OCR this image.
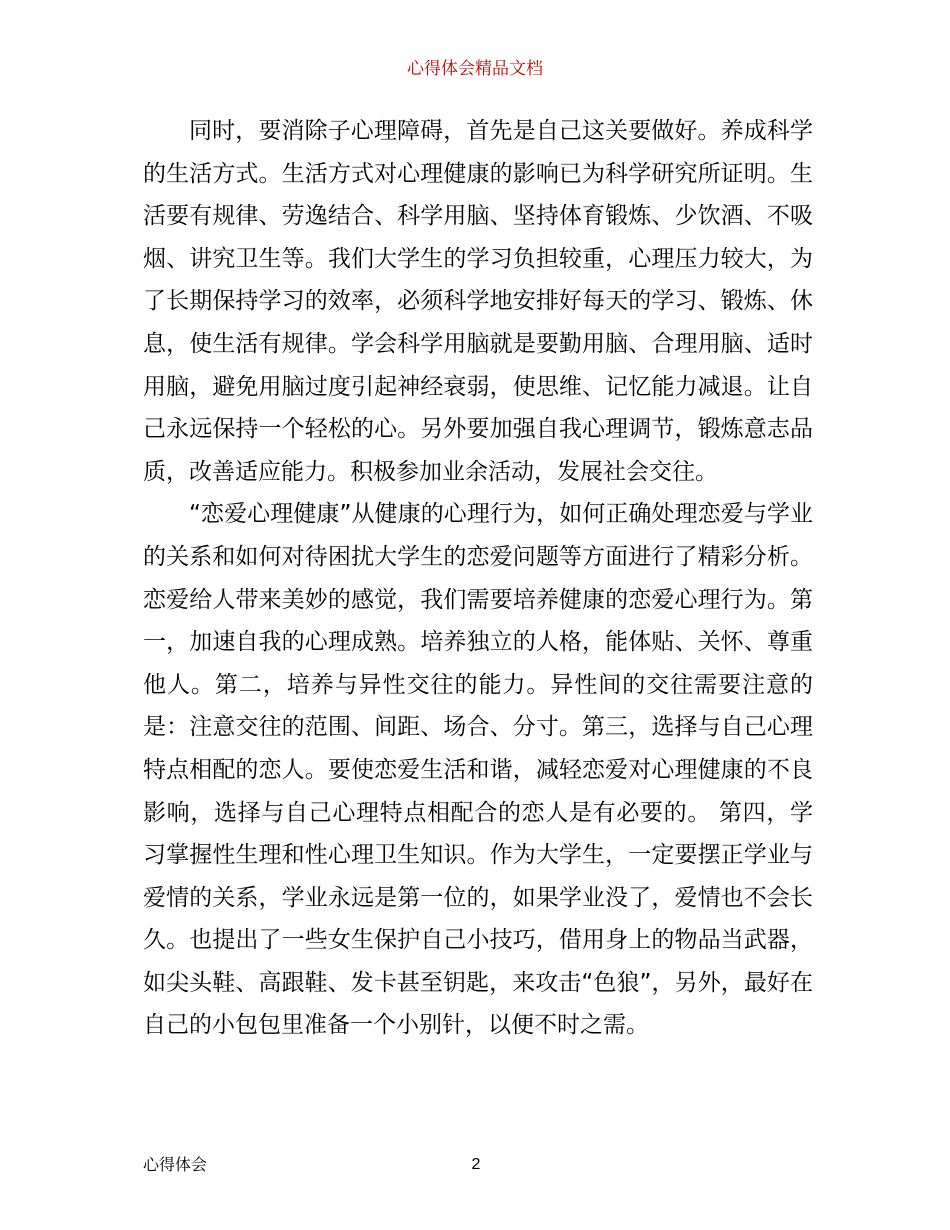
心得体会精品文档

同时，要消除子心理障碍，首先是自己这关要做好。养成科学的生活方式。生活方式对心理健康的影响已为科学研究所证明。生活要有规律、劳逸结合、科学用脑、坚持体育锻炼、少饮酒、不吸烟、讲究卫生等。我们大学生的学习负担较重，心理压力较大，为了长期保持学习的效率，必须科学地安排好每天的学习、锻炼、休息，使生活有规律。学会科学用脑就是要勤用脑、合理用脑、适时用脑，避免用脑过度引起神经衰弱，使思维、记忆能力减退。让自己永远保持一个轻松的心。另外要加强自我心理调节，锻炼意志品质，改善适应能力。积极参加业余活动，发展社会交往。

“恋爱心理健康”从健康的心理行为，如何正确处理恋爱与学业的关系和如何对待困扰大学生的恋爱问题等方面进行了精彩分析。恋爱给人带来美妙的感觉，我们需要培养健康的恋爱心理行为。第一，加速自我的心理成熟。培养独立的人格，能体贴、关怀、尊重他人。第二，培养与异性交往的能力。异性间的交往需要注意的是：注意交往的范围、间距、场合、分寸。第三，选择与自己心理特点相配的恋人。要使恋爱生活和谐，减轻恋爱对心理健康的不良影响，选择与自己心理特点相配合的恋人是有必要的。 第四，学习掌握性生理和性心理卫生知识。作为大学生，一定要摆正学业与爱情的关系，学业永远是第一位的，如果学业没了，爱情也不会长久。也提出了一些女生保护自己小技巧，借用身上的物品当武器，如尖头鞋、高跟鞋、发卡甚至钥匙，来攻击“色狼”，另外，最好在自己的小包包里准备一个小别针，以便不时之需。

心得体会	2
